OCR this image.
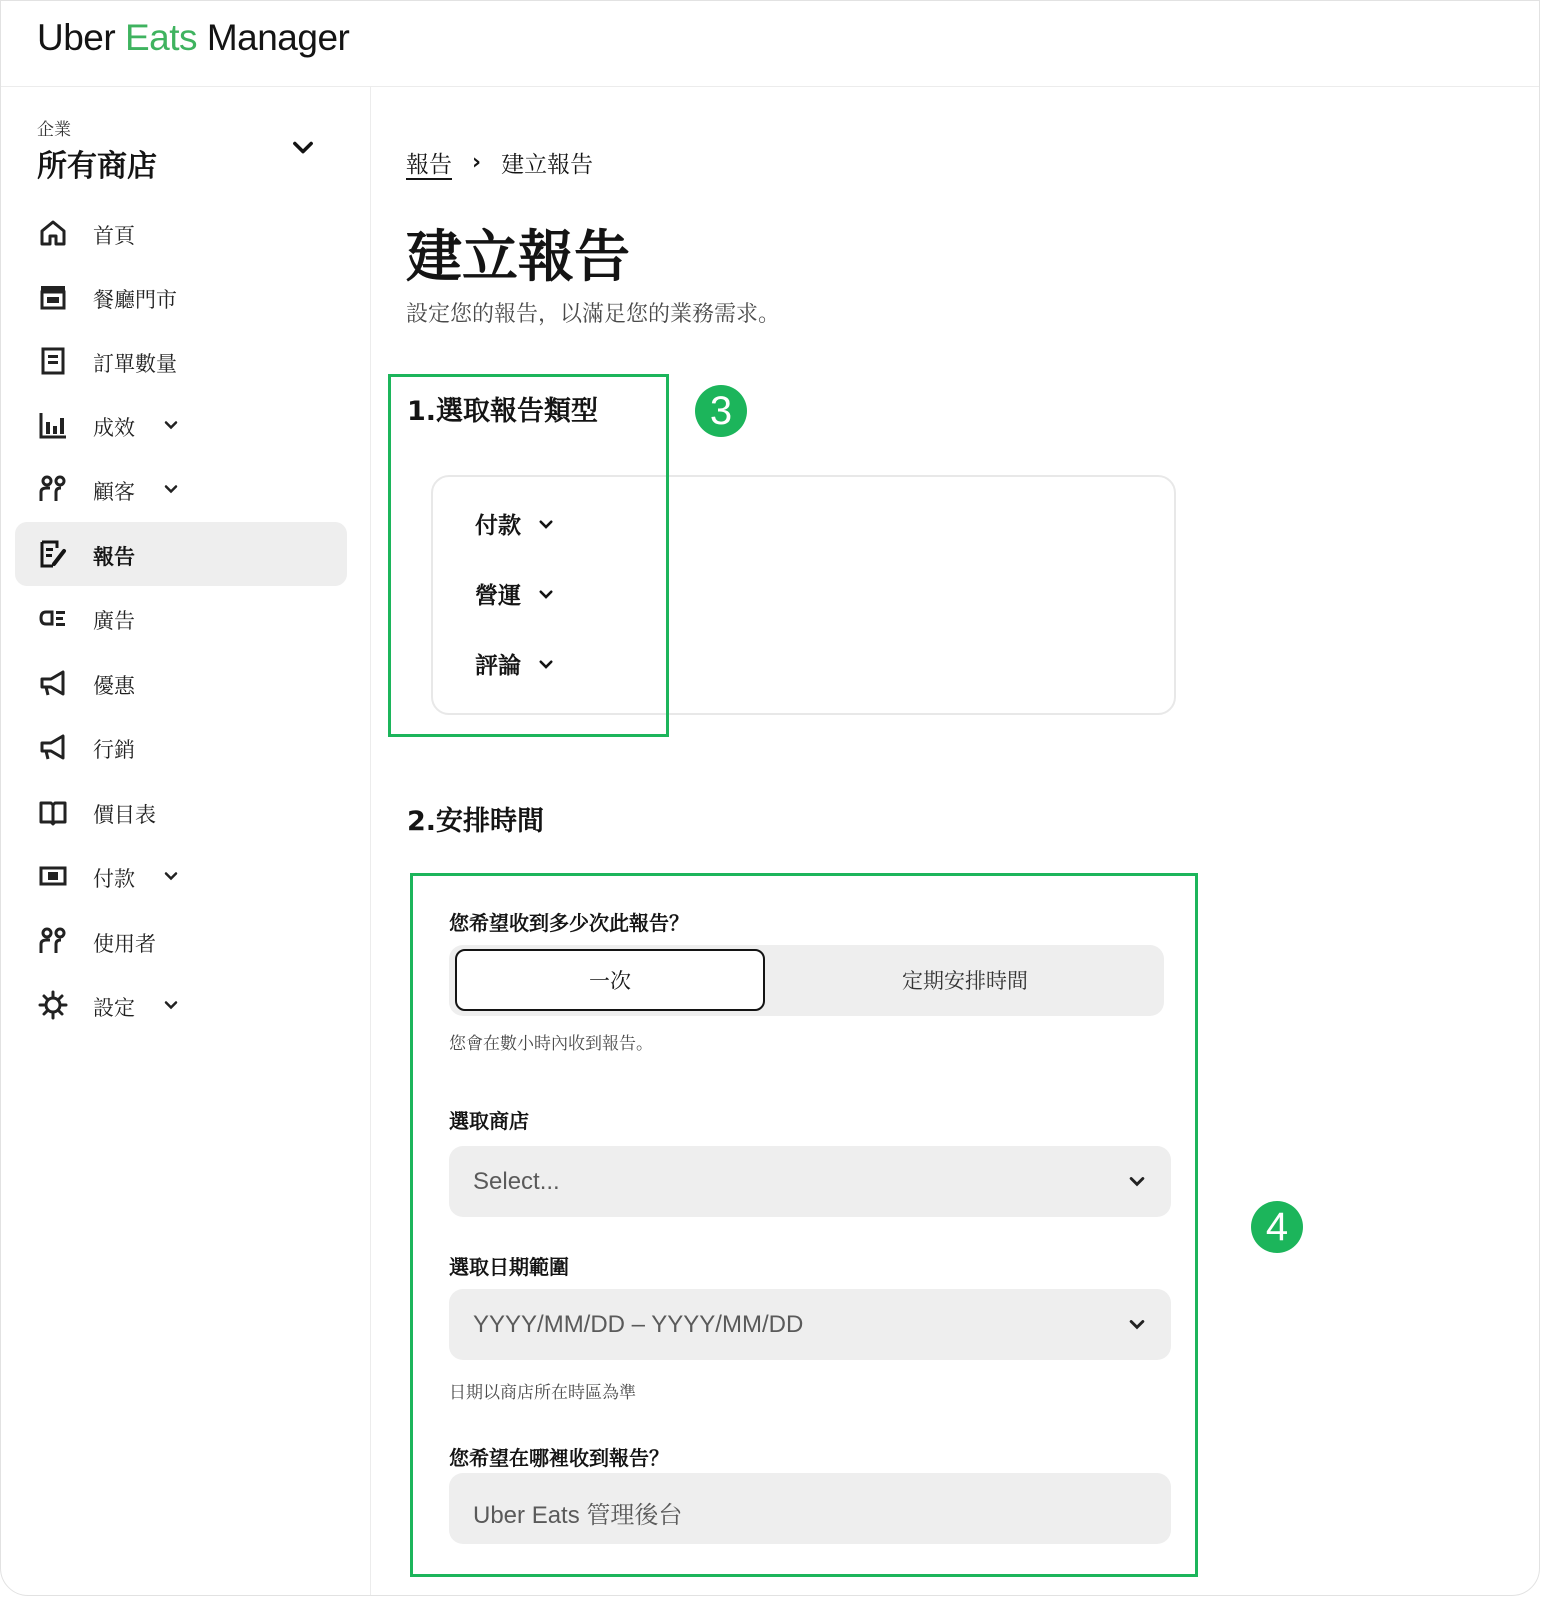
Uber Eats Manager
企業
所有商店
首頁
餐廳門市
訂單數量
成效
顧客
報告
廣告
優惠
行銷
價目表
付款
使用者
設定
報告 › 建立報告
建立報告
設定您的報告，以滿足您的業務需求。
1.選取報告類型
付款
營運
評論
3
2.安排時間
您希望收到多少次此報告？
一次	定期安排時間
您會在數小時內收到報告。
選取商店
Select...
選取日期範圍
YYYY/MM/DD – YYYY/MM/DD
日期以商店所在時區為準
您希望在哪裡收到報告？
Uber Eats 管理後台
4
